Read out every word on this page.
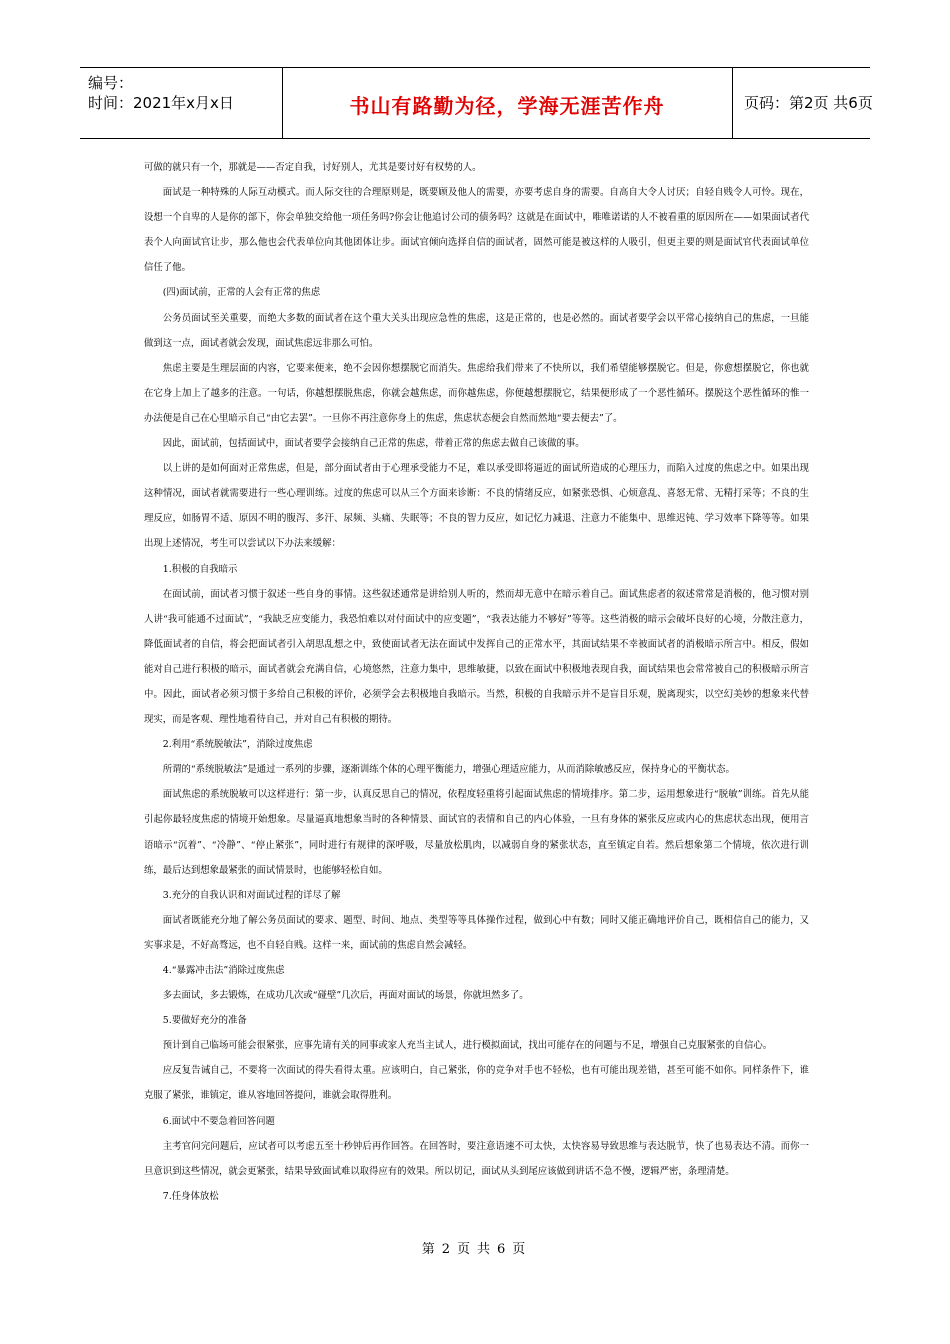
编号：
时间：2021年x月x日	书山有路勤为径，学海无涯苦作舟	页码：第2页 共6页

可做的就只有一个，那就是——否定自我，讨好别人，尤其是要讨好有权势的人。

面试是一种特殊的人际互动模式。而人际交往的合理原则是，既要顾及他人的需要，亦要考虑自身的需要。自高自大令人讨厌；自轻自贱令人可怜。现在，设想一个自卑的人是你的部下，你会单独交给他一项任务吗?你会让他追讨公司的债务吗？这就是在面试中，唯唯诺诺的人不被看重的原因所在——如果面试者代表个人向面试官让步，那么他也会代表单位向其他团体让步。面试官倾向选择自信的面试者，固然可能是被这样的人吸引，但更主要的则是面试官代表面试单位信任了他。

(四)面试前，正常的人会有正常的焦虑

公务员面试至关重要，而绝大多数的面试者在这个重大关头出现应急性的焦虑，这是正常的，也是必然的。面试者要学会以平常心接纳自己的焦虑，一旦能做到这一点，面试者就会发现，面试焦虑远非那么可怕。

焦虑主要是生理层面的内容，它要来便来，绝不会因你想摆脱它而消失。焦虑给我们带来了不快所以，我们希望能够摆脱它。但是，你愈想摆脱它，你也就在它身上加上了越多的注意。一句话，你越想摆脱焦虑，你就会越焦虑，而你越焦虑，你便越想摆脱它，结果便形成了一个恶性循环。摆脱这个恶性循环的惟一办法便是自己在心里暗示自己“由它去罢”。一旦你不再注意你身上的焦虑，焦虑状态便会自然而然地“要去便去”了。

因此，面试前，包括面试中，面试者要学会接纳自己正常的焦虑，带着正常的焦虑去做自己该做的事。

以上讲的是如何面对正常焦虑，但是，部分面试者由于心理承受能力不足，难以承受即将逼近的面试所造成的心理压力，而陷入过度的焦虑之中。如果出现这种情况，面试者就需要进行一些心理训练。过度的焦虑可以从三个方面来诊断：不良的情绪反应，如紧张恐惧、心烦意乱、喜怒无常、无精打采等；不良的生理反应，如肠胃不适、原因不明的腹泻、多汗、尿频、头痛、失眠等；不良的智力反应，如记忆力减退、注意力不能集中、思维迟钝、学习效率下降等等。如果出现上述情况，考生可以尝试以下办法来缓解：

1.积极的自我暗示

在面试前，面试者习惯于叙述一些自身的事情。这些叙述通常是讲给别人听的，然而却无意中在暗示着自己。面试焦虑者的叙述常常是消极的，他习惯对别人讲“我可能通不过面试”，“我缺乏应变能力，我恐怕难以对付面试中的应变题”，“我表达能力不够好”等等。这些消极的暗示会破坏良好的心境，分散注意力，降低面试者的自信，将会把面试者引入胡思乱想之中，致使面试者无法在面试中发挥自己的正常水平，其面试结果不幸被面试者的消极暗示所言中。相反，假如能对自己进行积极的暗示，面试者就会充满自信，心境悠然，注意力集中，思维敏捷，以致在面试中积极地表现自我，面试结果也会常常被自己的积极暗示所言中。因此，面试者必须习惯于多给自己积极的评价，必须学会去积极地自我暗示。当然，积极的自我暗示并不是盲目乐观，脱离现实，以空幻美妙的想象来代替现实，而是客观、理性地看待自己，并对自己有积极的期待。

2.利用“系统脱敏法”，消除过度焦虑

所谓的“系统脱敏法”是通过一系列的步骤，逐渐训练个体的心理平衡能力，增强心理适应能力，从而消除敏感反应，保持身心的平衡状态。

面试焦虑的系统脱敏可以这样进行：第一步，认真反思自己的情况，依程度轻重将引起面试焦虑的情境排序。第二步，运用想象进行“脱敏”训练。首先从能引起你最轻度焦虑的情境开始想象。尽量逼真地想象当时的各种情景、面试官的表情和自己的内心体验，一旦有身体的紧张反应或内心的焦虑状态出现，便用言语暗示“沉着”、“冷静”、“停止紧张”，同时进行有规律的深呼吸，尽量放松肌肉，以减弱自身的紧张状态，直至镇定自若。然后想象第二个情境，依次进行训练，最后达到想象最紧张的面试情景时，也能够轻松自如。

3.充分的自我认识和对面试过程的详尽了解

面试者既能充分地了解公务员面试的要求、题型、时间、地点、类型等等具体操作过程，做到心中有数；同时又能正确地评价自己，既相信自己的能力，又实事求是，不好高骛远，也不自轻自贱。这样一来，面试前的焦虑自然会减轻。

4.“暴露冲击法”消除过度焦虑

多去面试，多去锻炼，在成功几次或“碰壁”几次后，再面对面试的场景，你就坦然多了。

5.要做好充分的准备

预计到自己临场可能会很紧张，应事先请有关的同事或家人充当主试人，进行模拟面试，找出可能存在的问题与不足，增强自己克服紧张的自信心。

应反复告诫自己，不要将一次面试的得失看得太重。应该明白，自己紧张，你的竞争对手也不轻松，也有可能出现差错，甚至可能不如你。同样条件下，谁克服了紧张，谁镇定，谁从容地回答提问，谁就会取得胜利。

6.面试中不要急着回答问题

主考官问完问题后，应试者可以考虑五至十秒钟后再作回答。在回答时，要注意语速不可太快，太快容易导致思维与表达脱节，快了也易表达不清。而你一旦意识到这些情况，就会更紧张，结果导致面试难以取得应有的效果。所以切记，面试从头到尾应该做到讲话不急不慢，逻辑严密，条理清楚。

7.任身体放松

第 2 页 共 6 页
